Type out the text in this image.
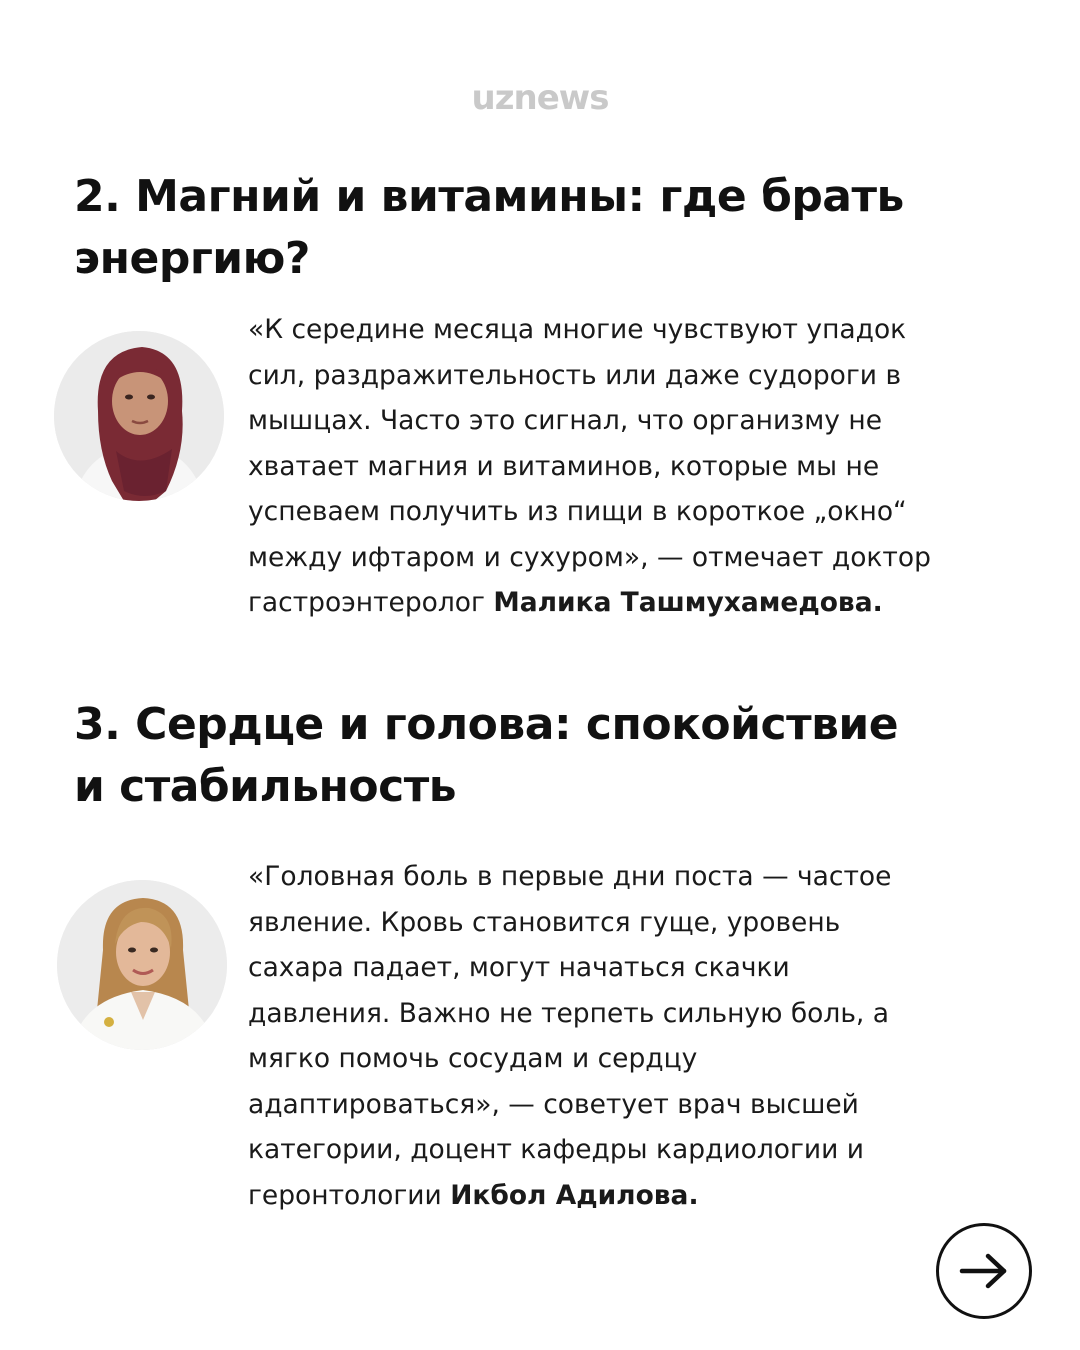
uznews
2. Магний и витамины: где брать
энергию?

«К середине месяца многие чувствуют упадок
сил, раздражительность или даже судороги в
мышцах. Часто это сигнал, что организму не
хватает магния и витаминов, которые мы не
успеваем получить из пищи в короткое „окно“
между ифтаром и сухуром», — отмечает доктор
гастроэнтеролог Малика Ташмухамедова.

3. Сердце и голова: спокойствие
и стабильность

«Головная боль в первые дни поста — частое
явление. Кровь становится гуще, уровень
сахара падает, могут начаться скачки
давления. Важно не терпеть сильную боль, а
мягко помочь сосудам и сердцу
адаптироваться», — советует врач высшей
категории, доцент кафедры кардиологии и
геронтологии Икбол Адилова.
